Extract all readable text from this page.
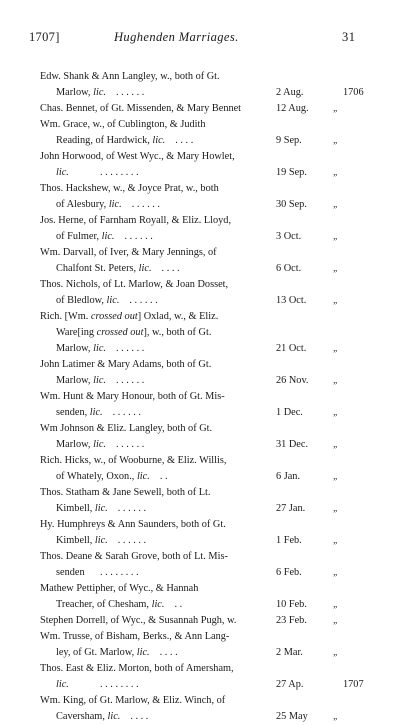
1707]	Hughenden Marriages.	31
Edw. Shank & Ann Langley, w., both of Gt.
Marlow, lic. . . . . . .	2 Aug.	1706
Chas. Bennet, of Gt. Missenden, & Mary Bennet	12 Aug.	„
Wm. Grace, w., of Cublington, & Judith
Reading, of Hardwick, lic. . . . .	9 Sep.	„
John Horwood, of West Wyc., & Mary Howlet,
lic.	. . . . . . . .	19 Sep.	„
Thos. Hackshew, w., & Joyce Prat, w., both
of Alesbury, lic. . . . . . .	30 Sep.	„
Jos. Herne, of Farnham Royall, & Eliz. Lloyd,
of Fulmer, lic. . . . . . .	3 Oct.	„
Wm. Darvall, of Iver, & Mary Jennings, of
Chalfont St. Peters, lic. . . . .	6 Oct.	„
Thos. Nichols, of Lt. Marlow, & Joan Dosset,
of Bledlow, lic. . . . . . .	13 Oct.	„
Rich. [Wm. crossed out] Oxlad, w., & Eliz.
Ware[ing crossed out], w., both of Gt.
Marlow, lic. . . . . . .	21 Oct.	„
John Latimer & Mary Adams, both of Gt.
Marlow, lic. . . . . . .	26 Nov.	„
Wm. Hunt & Mary Honour, both of Gt. Mis-
senden, lic. . . . . . .	1 Dec.	„
Wm Johnson & Eliz. Langley, both of Gt.
Marlow, lic. . . . . . .	31 Dec.	„
Rich. Hicks, w., of Wooburne, & Eliz. Willis,
of Whately, Oxon., lic. . .	6 Jan.	„
Thos. Statham & Jane Sewell, both of Lt.
Kimbell, lic. . . . . . .	27 Jan.	„
Hy. Humphreys & Ann Saunders, both of Gt.
Kimbell, lic. . . . . . .	1 Feb.	„
Thos. Deane & Sarah Grove, both of Lt. Mis-
senden . . . . . . . .	6 Feb.	„
Mathew Pettipher, of Wyc., & Hannah
Treacher, of Chesham, lic. . .	10 Feb.	„
Stephen Dorrell, of Wyc., & Susannah Pugh, w.	23 Feb.	„
Wm. Trusse, of Bisham, Berks., & Ann Lang-
ley, of Gt. Marlow, lic. . . . .	2 Mar.	„
Thos. East & Eliz. Morton, both of Amersham,
lic.	. . . . . . . .	27 Ap.	1707
Wm. King, of Gt. Marlow, & Eliz. Winch, of
Caversham, lic. . . . .	25 May	„
